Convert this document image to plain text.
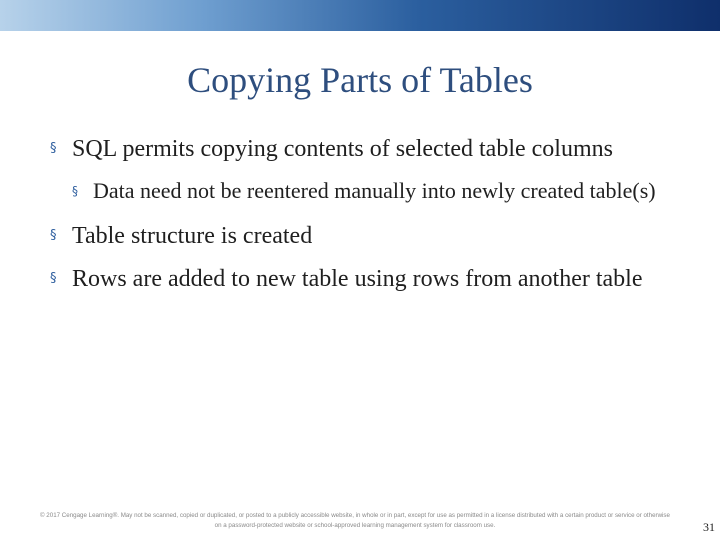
Copying Parts of Tables
§ SQL permits copying contents of selected table columns
§ Data need not be reentered manually into newly created table(s)
§ Table structure is created
§ Rows are added to new table using rows from another table
© 2017 Cengage Learning®. May not be scanned, copied or duplicated, or posted to a publicly accessible website, in whole or in part, except for use as permitted in a license distributed with a certain product or service or otherwise on a password-protected website or school-approved learning management system for classroom use.	31
